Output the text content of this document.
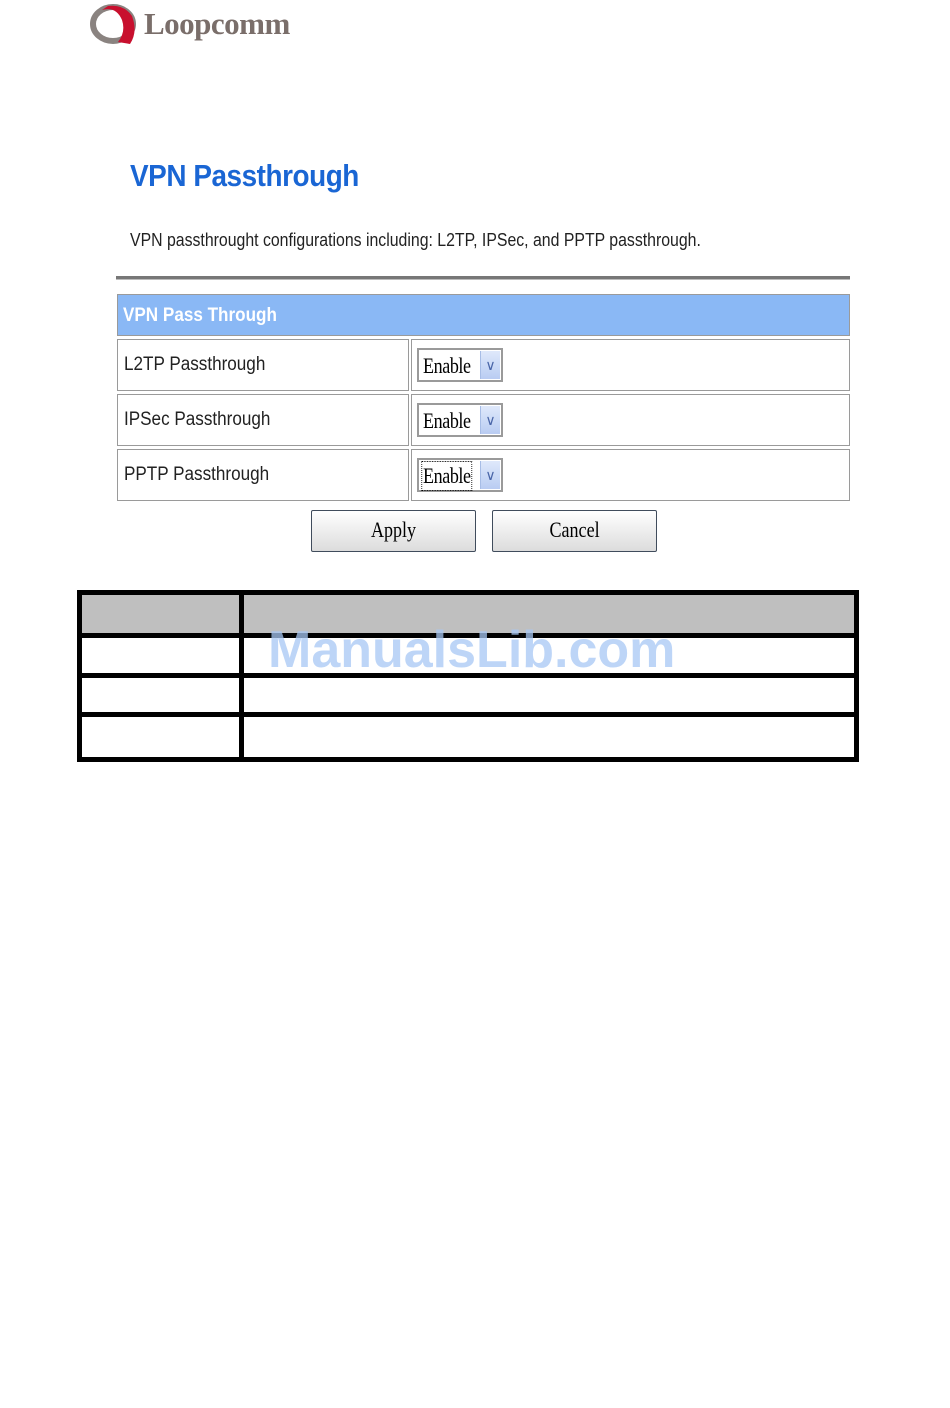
Loopcomm
VPN Passthrough
VPN passthrought configurations including: L2TP, IPSec, and PPTP passthrough.
VPN Pass Through
L2TP Passthrough	Enable	∨
IPSec Passthrough	Enable	∨
PPTP Passthrough	Enable	∨
Apply	Cancel
ManualsLib.com
